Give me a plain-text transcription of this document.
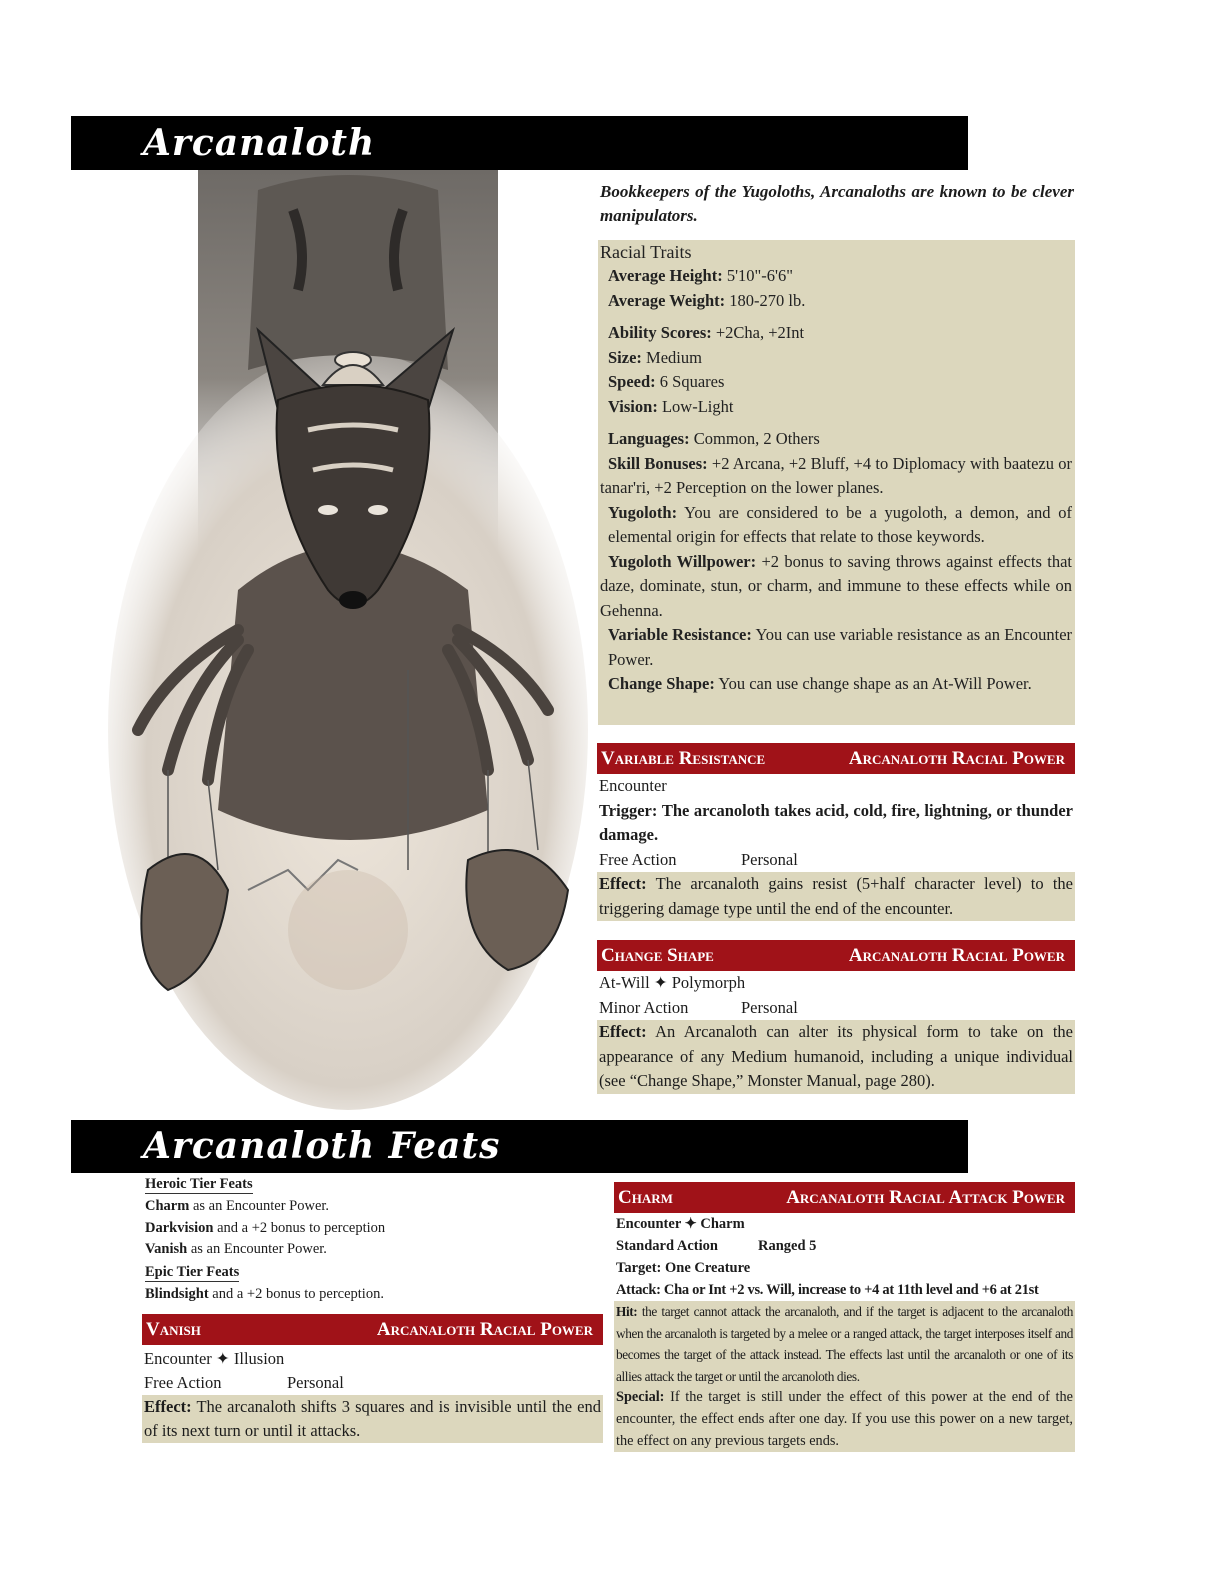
Arcanaloth
Bookkeepers of the Yugoloths, Arcanaloths are known to be clever manipulators.
Racial Traits

Average Height: 5'10"-6'6"

Average Weight: 180-270 lb.

Ability Scores: +2Cha, +2Int

Size: Medium

Speed: 6 Squares

Vision: Low-Light

Languages: Common, 2 Others

Skill Bonuses: +2 Arcana, +2 Bluff, +4 to Diplomacy with baatezu or tanar'ri, +2 Perception on the lower planes.

Yugoloth: You are considered to be a yugoloth, a demon, and of elemental origin for effects that relate to those keywords.

Yugoloth Willpower: +2 bonus to saving throws against effects that daze, dominate, stun, or charm, and immune to these effects while on Gehenna.

Variable Resistance: You can use variable resistance as an Encounter Power.

Change Shape: You can use change shape as an At-Will Power.

Variable Resistance	Arcanaloth Racial Power
Encounter
Trigger: The arcanoloth takes acid, cold, fire, lightning, or thunder damage.
Free Action	Personal
Effect: The arcanaloth gains resist (5+half character level) to the triggering damage type until the end of the encounter.
Change Shape	Arcanaloth Racial Power
At-Will ✦ Polymorph
Minor Action	Personal
Effect: An Arcanaloth can alter its physical form to take on the appearance of any Medium humanoid, including a unique individual (see “Change Shape,” Monster Manual, page 280).
Arcanaloth Feats

Heroic Tier Feats

Charm as an Encounter Power.

Darkvision and a +2 bonus to perception

Vanish as an Encounter Power.

Epic Tier Feats

Blindsight and a +2 bonus to perception.

Vanish	Arcanaloth Racial Power
Encounter ✦ Illusion
Free Action	Personal
Effect: The arcanaloth shifts 3 squares and is invisible until the end of its next turn or until it attacks.
Charm	Arcanaloth Racial Attack Power
Encounter ✦ Charm
Standard Action	Ranged 5
Target: One Creature
Attack: Cha or Int +2 vs. Will, increase to +4 at 11th level and +6 at 21st
Hit: the target cannot attack the arcanaloth, and if the target is adjacent to the arcanaloth when the arcanaloth is targeted by a melee or a ranged attack, the target interposes itself and becomes the target of the attack instead. The effects last until the arcanaloth or one of its allies attack the target or until the arcanoloth dies.
Special: If the target is still under the effect of this power at the end of the encounter, the effect ends after one day. If you use this power on a new target, the effect on any previous targets ends.
